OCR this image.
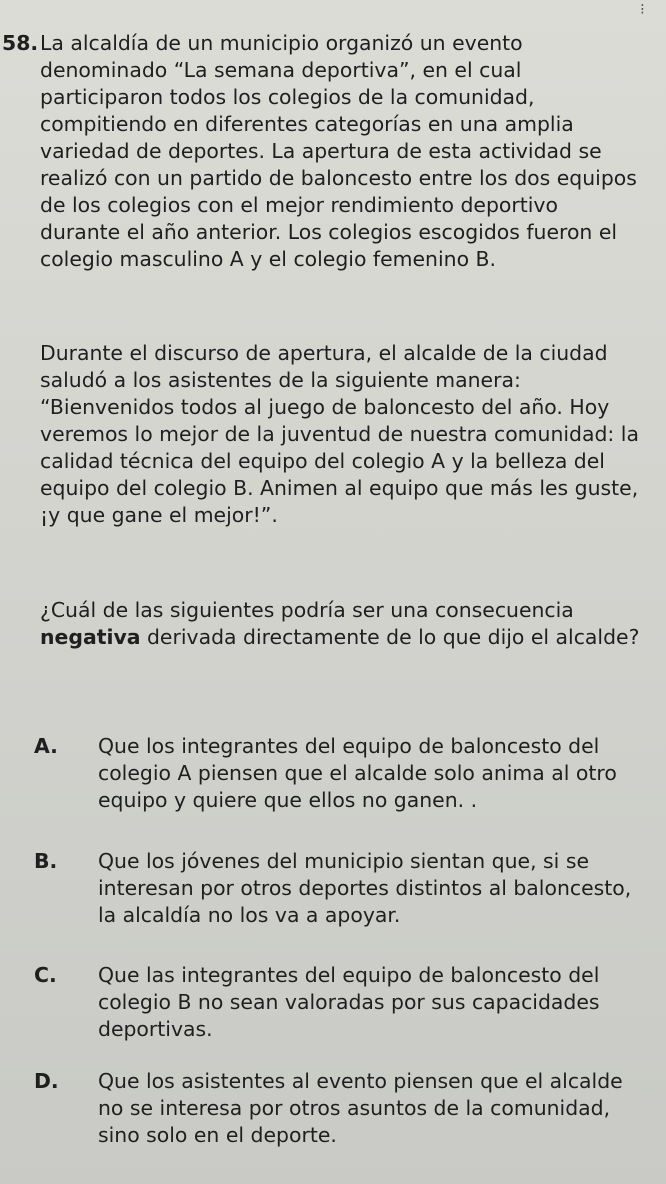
⁝
58. La alcaldía de un municipio organizó un evento denominado “La semana deportiva”, en el cual participaron todos los colegios de la comunidad, compitiendo en diferentes categorías en una amplia variedad de deportes. La apertura de esta actividad se realizó con un partido de baloncesto entre los dos equipos de los colegios con el mejor rendimiento deportivo durante el año anterior. Los colegios escogidos fueron el colegio masculino A y el colegio femenino B.
Durante el discurso de apertura, el alcalde de la ciudad saludó a los asistentes de la siguiente manera: “Bienvenidos todos al juego de baloncesto del año. Hoy veremos lo mejor de la juventud de nuestra comunidad: la calidad técnica del equipo del colegio A y la belleza del equipo del colegio B. Animen al equipo que más les guste, ¡y que gane el mejor!”.
¿Cuál de las siguientes podría ser una consecuencia negativa derivada directamente de lo que dijo el alcalde?
A. Que los integrantes del equipo de baloncesto del colegio A piensen que el alcalde solo anima al otro equipo y quiere que ellos no ganen. .
B. Que los jóvenes del municipio sientan que, si se interesan por otros deportes distintos al baloncesto, la alcaldía no los va a apoyar.
C. Que las integrantes del equipo de baloncesto del colegio B no sean valoradas por sus capacidades deportivas.
D. Que los asistentes al evento piensen que el alcalde no se interesa por otros asuntos de la comunidad, sino solo en el deporte.
